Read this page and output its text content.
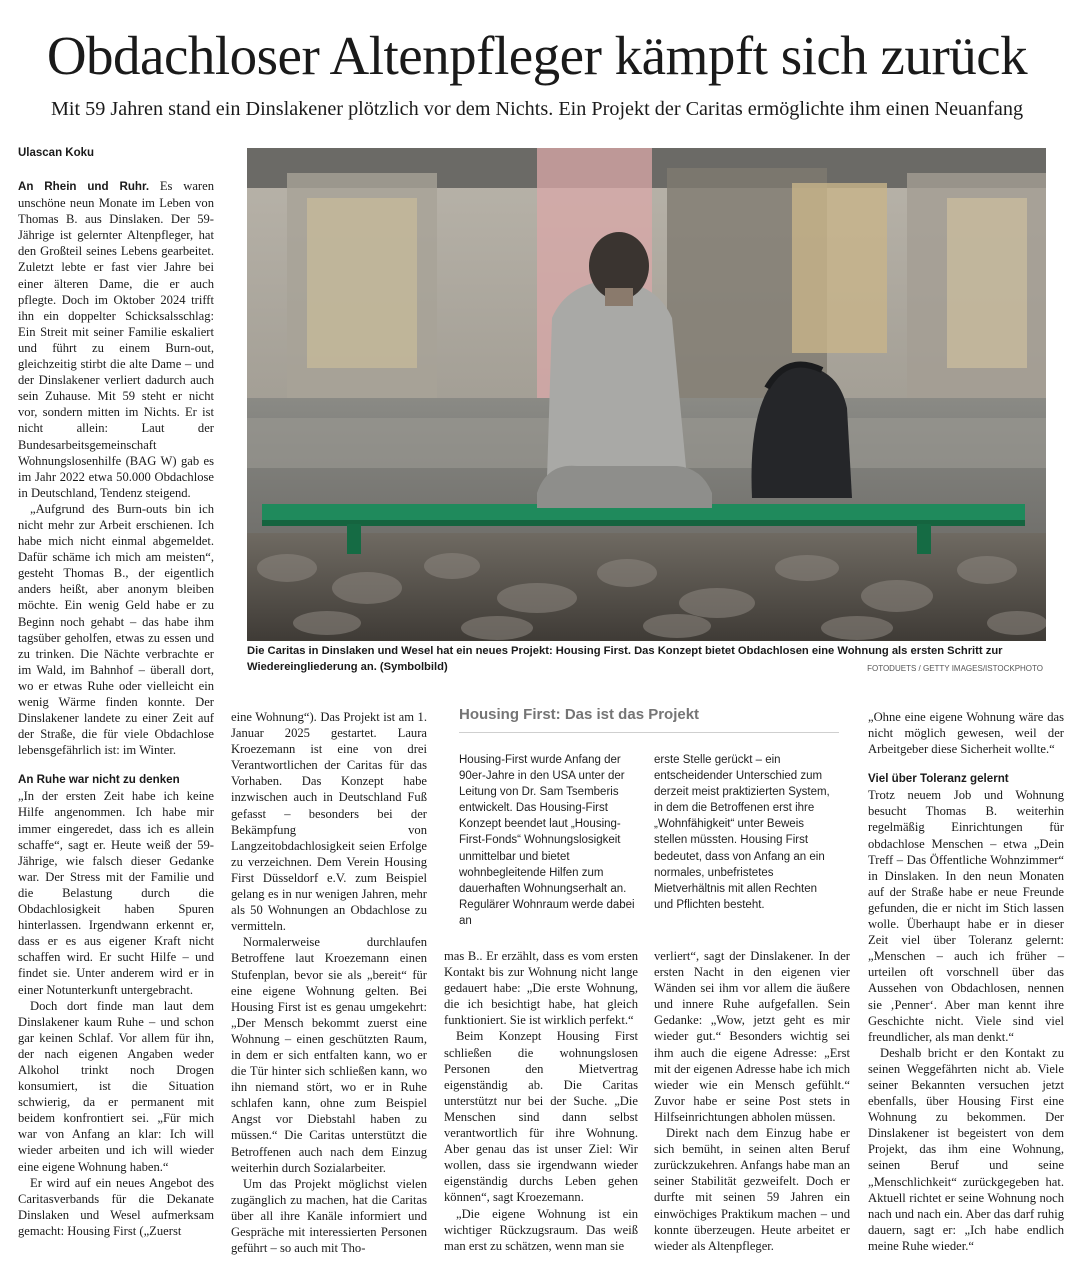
Obdachloser Altenpfleger kämpft sich zurück
Mit 59 Jahren stand ein Dinslakener plötzlich vor dem Nichts. Ein Projekt der Caritas ermöglichte ihm einen Neuanfang
Ulascan Koku
Die Caritas in Dinslaken und Wesel hat ein neues Projekt: Housing First. Das Konzept bietet Obdachlosen eine Wohnung als ersten Schritt zur Wiedereingliederung an. (Symbolbild)	FOTODUETS / GETTY IMAGES/ISTOCKPHOTO

An Rhein und Ruhr. Es waren unschöne neun Monate im Leben von Thomas B. aus Dinslaken. Der 59-Jährige ist gelernter Altenpfleger, hat den Großteil seines Lebens gearbeitet. Zuletzt lebte er fast vier Jahre bei einer älteren Dame, die er auch pflegte. Doch im Oktober 2024 trifft ihn ein doppelter Schicksalsschlag: Ein Streit mit seiner Familie eskaliert und führt zu einem Burn-out, gleichzeitig stirbt die alte Dame – und der Dinslakener verliert dadurch auch sein Zuhause. Mit 59 steht er nicht vor, sondern mitten im Nichts. Er ist nicht allein: Laut der Bundesarbeitsgemeinschaft Wohnungslosenhilfe (BAG W) gab es im Jahr 2022 etwa 50.000 Obdachlose in Deutschland, Tendenz steigend.

„Aufgrund des Burn-outs bin ich nicht mehr zur Arbeit erschienen. Ich habe mich nicht einmal abgemeldet. Dafür schäme ich mich am meisten“, gesteht Thomas B., der eigentlich anders heißt, aber anonym bleiben möchte. Ein wenig Geld habe er zu Beginn noch gehabt – das habe ihm tagsüber geholfen, etwas zu essen und zu trinken. Die Nächte verbrachte er im Wald, im Bahnhof – überall dort, wo er etwas Ruhe oder vielleicht ein wenig Wärme finden konnte. Der Dinslakener landete zu einer Zeit auf der Straße, die für viele Obdachlose lebensgefährlich ist: im Winter.

An Ruhe war nicht zu denken

„In der ersten Zeit habe ich keine Hilfe angenommen. Ich habe mir immer eingeredet, dass ich es allein schaffe“, sagt er. Heute weiß der 59-Jährige, wie falsch dieser Gedanke war. Der Stress mit der Familie und die Belastung durch die Obdachlosigkeit haben Spuren hinterlassen. Irgendwann erkennt er, dass er es aus eigener Kraft nicht schaffen wird. Er sucht Hilfe – und findet sie. Unter anderem wird er in einer Notunterkunft untergebracht.

Doch dort finde man laut dem Dinslakener kaum Ruhe – und schon gar keinen Schlaf. Vor allem für ihn, der nach eigenen Angaben weder Alkohol trinkt noch Drogen konsumiert, ist die Situation schwierig, da er permanent mit beidem konfrontiert sei. „Für mich war von Anfang an klar: Ich will wieder arbeiten und ich will wieder eine eigene Wohnung haben.“

Er wird auf ein neues Angebot des Caritasverbands für die Dekanate Dinslaken und Wesel aufmerksam gemacht: Housing First („Zuerst

eine Wohnung“). Das Projekt ist am 1. Januar 2025 gestartet. Laura Kroezemann ist eine von drei Verantwortlichen der Caritas für das Vorhaben. Das Konzept habe inzwischen auch in Deutschland Fuß gefasst – besonders bei der Bekämpfung von Langzeitobdachlosigkeit seien Erfolge zu verzeichnen. Dem Verein Housing First Düsseldorf e.V. zum Beispiel gelang es in nur wenigen Jahren, mehr als 50 Wohnungen an Obdachlose zu vermitteln.

Normalerweise durchlaufen Betroffene laut Kroezemann einen Stufenplan, bevor sie als „bereit“ für eine eigene Wohnung gelten. Bei Housing First ist es genau umgekehrt: „Der Mensch bekommt zuerst eine Wohnung – einen geschützten Raum, in dem er sich entfalten kann, wo er die Tür hinter sich schließen kann, wo ihn niemand stört, wo er in Ruhe schlafen kann, ohne zum Beispiel Angst vor Diebstahl haben zu müssen.“ Die Caritas unterstützt die Betroffenen auch nach dem Einzug weiterhin durch Sozialarbeiter.

Um das Projekt möglichst vielen zugänglich zu machen, hat die Caritas über all ihre Kanäle informiert und Gespräche mit interessierten Personen geführt – so auch mit Tho-

Housing First: Das ist das Projekt

Housing-First wurde Anfang der 90er-Jahre in den USA unter der Leitung von Dr. Sam Tsemberis entwickelt. Das Housing-First Konzept beendet laut „Housing-First-Fonds“ Wohnungslosigkeit unmittelbar und bietet wohnbegleitende Hilfen zum dauerhaften Wohnungserhalt an. Regulärer Wohnraum werde dabei an

erste Stelle gerückt – ein entscheidender Unterschied zum derzeit meist praktizierten System, in dem die Betroffenen erst ihre „Wohnfähigkeit“ unter Beweis stellen müssten. Housing First bedeutet, dass von Anfang an ein normales, unbefristetes Mietverhältnis mit allen Rechten und Pflichten besteht.

mas B.. Er erzählt, dass es vom ersten Kontakt bis zur Wohnung nicht lange gedauert habe: „Die erste Wohnung, die ich besichtigt habe, hat gleich funktioniert. Sie ist wirklich perfekt.“

Beim Konzept Housing First schließen die wohnungslosen Personen den Mietvertrag eigenständig ab. Die Caritas unterstützt nur bei der Suche. „Die Menschen sind dann selbst verantwortlich für ihre Wohnung. Aber genau das ist unser Ziel: Wir wollen, dass sie irgendwann wieder eigenständig durchs Leben gehen können“, sagt Kroezemann.

„Die eigene Wohnung ist ein wichtiger Rückzugsraum. Das weiß man erst zu schätzen, wenn man sie

verliert“, sagt der Dinslakener. In der ersten Nacht in den eigenen vier Wänden sei ihm vor allem die äußere und innere Ruhe aufgefallen. Sein Gedanke: „Wow, jetzt geht es mir wieder gut.“ Besonders wichtig sei ihm auch die eigene Adresse: „Erst mit der eigenen Adresse habe ich mich wieder wie ein Mensch gefühlt.“ Zuvor habe er seine Post stets in Hilfseinrichtungen abholen müssen.

Direkt nach dem Einzug habe er sich bemüht, in seinen alten Beruf zurückzukehren. Anfangs habe man an seiner Stabilität gezweifelt. Doch er durfte mit seinen 59 Jahren ein einwöchiges Praktikum machen – und konnte überzeugen. Heute arbeitet er wieder als Altenpfleger.

„Ohne eine eigene Wohnung wäre das nicht möglich gewesen, weil der Arbeitgeber diese Sicherheit wollte.“

Viel über Toleranz gelernt

Trotz neuem Job und Wohnung besucht Thomas B. weiterhin regelmäßig Einrichtungen für obdachlose Menschen – etwa „Dein Treff – Das Öffentliche Wohnzimmer“ in Dinslaken. In den neun Monaten auf der Straße habe er neue Freunde gefunden, die er nicht im Stich lassen wolle. Überhaupt habe er in dieser Zeit viel über Toleranz gelernt: „Menschen – auch ich früher – urteilen oft vorschnell über das Aussehen von Obdachlosen, nennen sie ‚Penner‘. Aber man kennt ihre Geschichte nicht. Viele sind viel freundlicher, als man denkt.“

Deshalb bricht er den Kontakt zu seinen Weggefährten nicht ab. Viele seiner Bekannten versuchen jetzt ebenfalls, über Housing First eine Wohnung zu bekommen. Der Dinslakener ist begeistert von dem Projekt, das ihm eine Wohnung, seinen Beruf und seine „Menschlichkeit“ zurückgegeben hat. Aktuell richtet er seine Wohnung noch nach und nach ein. Aber das darf ruhig dauern, sagt er: „Ich habe endlich meine Ruhe wieder.“
